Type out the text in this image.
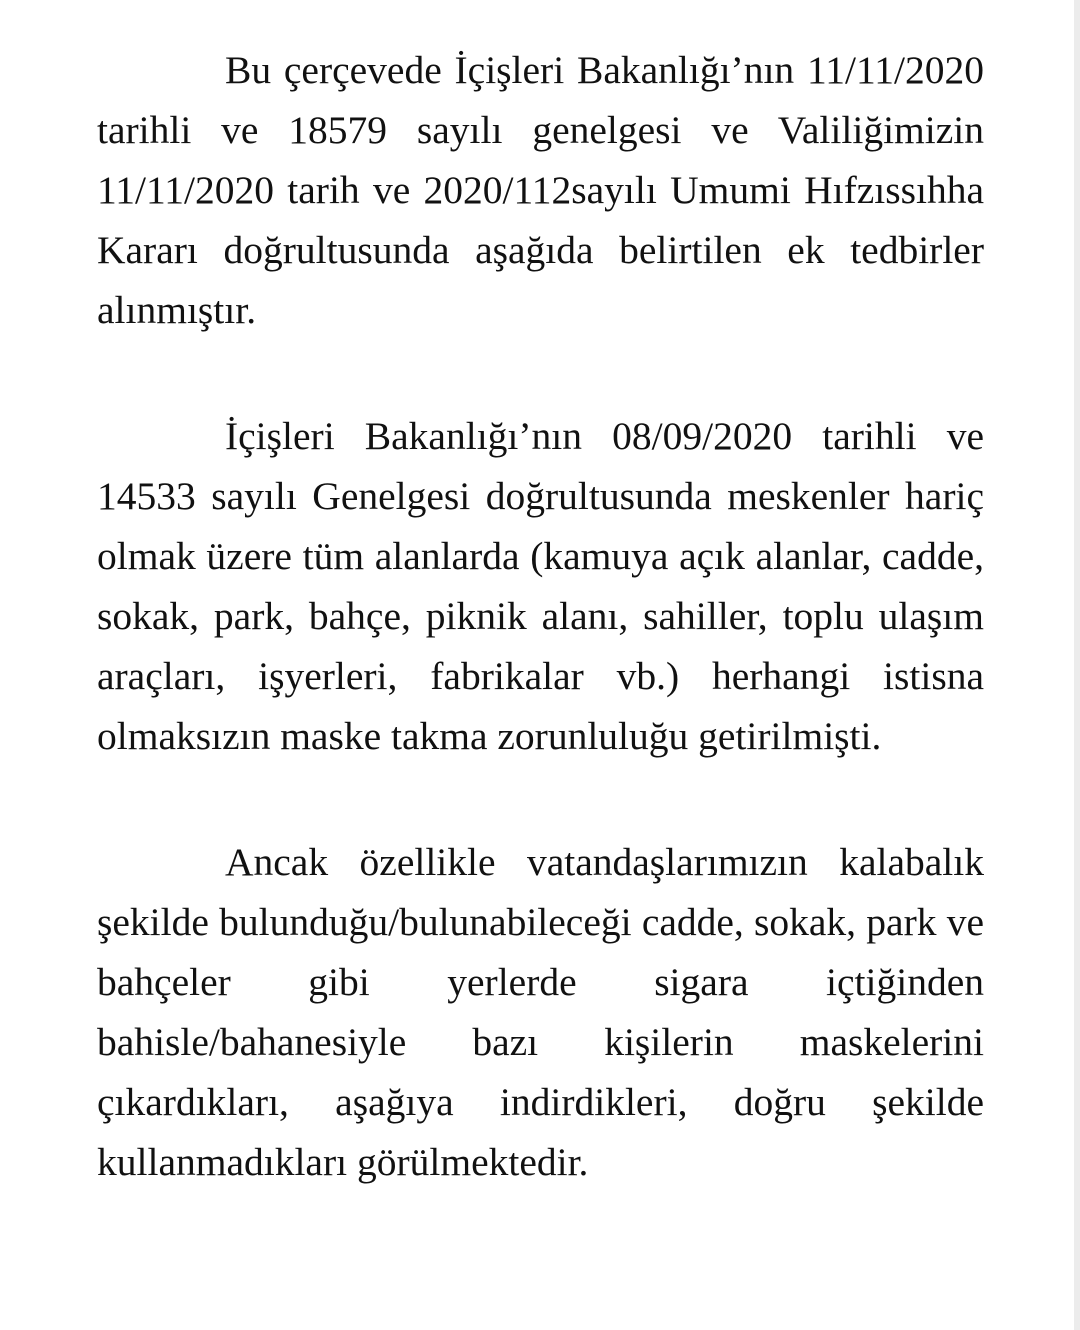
Bu çerçevede İçişleri Bakanlığı’nın 11/11/2020 tarihli ve 18579 sayılı genelgesi ve Valiliğimizin 11/11/2020 tarih ve 2020/112sayılı Umumi Hıfzıssıhha Kararı doğrultusunda aşağıda belirtilen ek tedbirler alınmıştır.

İçişleri Bakanlığı’nın 08/09/2020 tarihli ve 14533 sayılı Genelgesi doğrultusunda meskenler hariç olmak üzere tüm alanlarda (kamuya açık alanlar, cadde, sokak, park, bahçe, piknik alanı, sahiller, toplu ulaşım araçları, işyerleri, fabrikalar vb.) herhangi istisna olmaksızın maske takma zorunluluğu getirilmişti.

Ancak özellikle vatandaşlarımızın kalabalık şekilde bulunduğu/bulunabileceği cadde, sokak, park ve bahçeler gibi yerlerde sigara içtiğinden bahisle/bahanesiyle bazı kişilerin maskelerini çıkardıkları, aşağıya indirdikleri, doğru şekilde kullanmadıkları görülmektedir.
